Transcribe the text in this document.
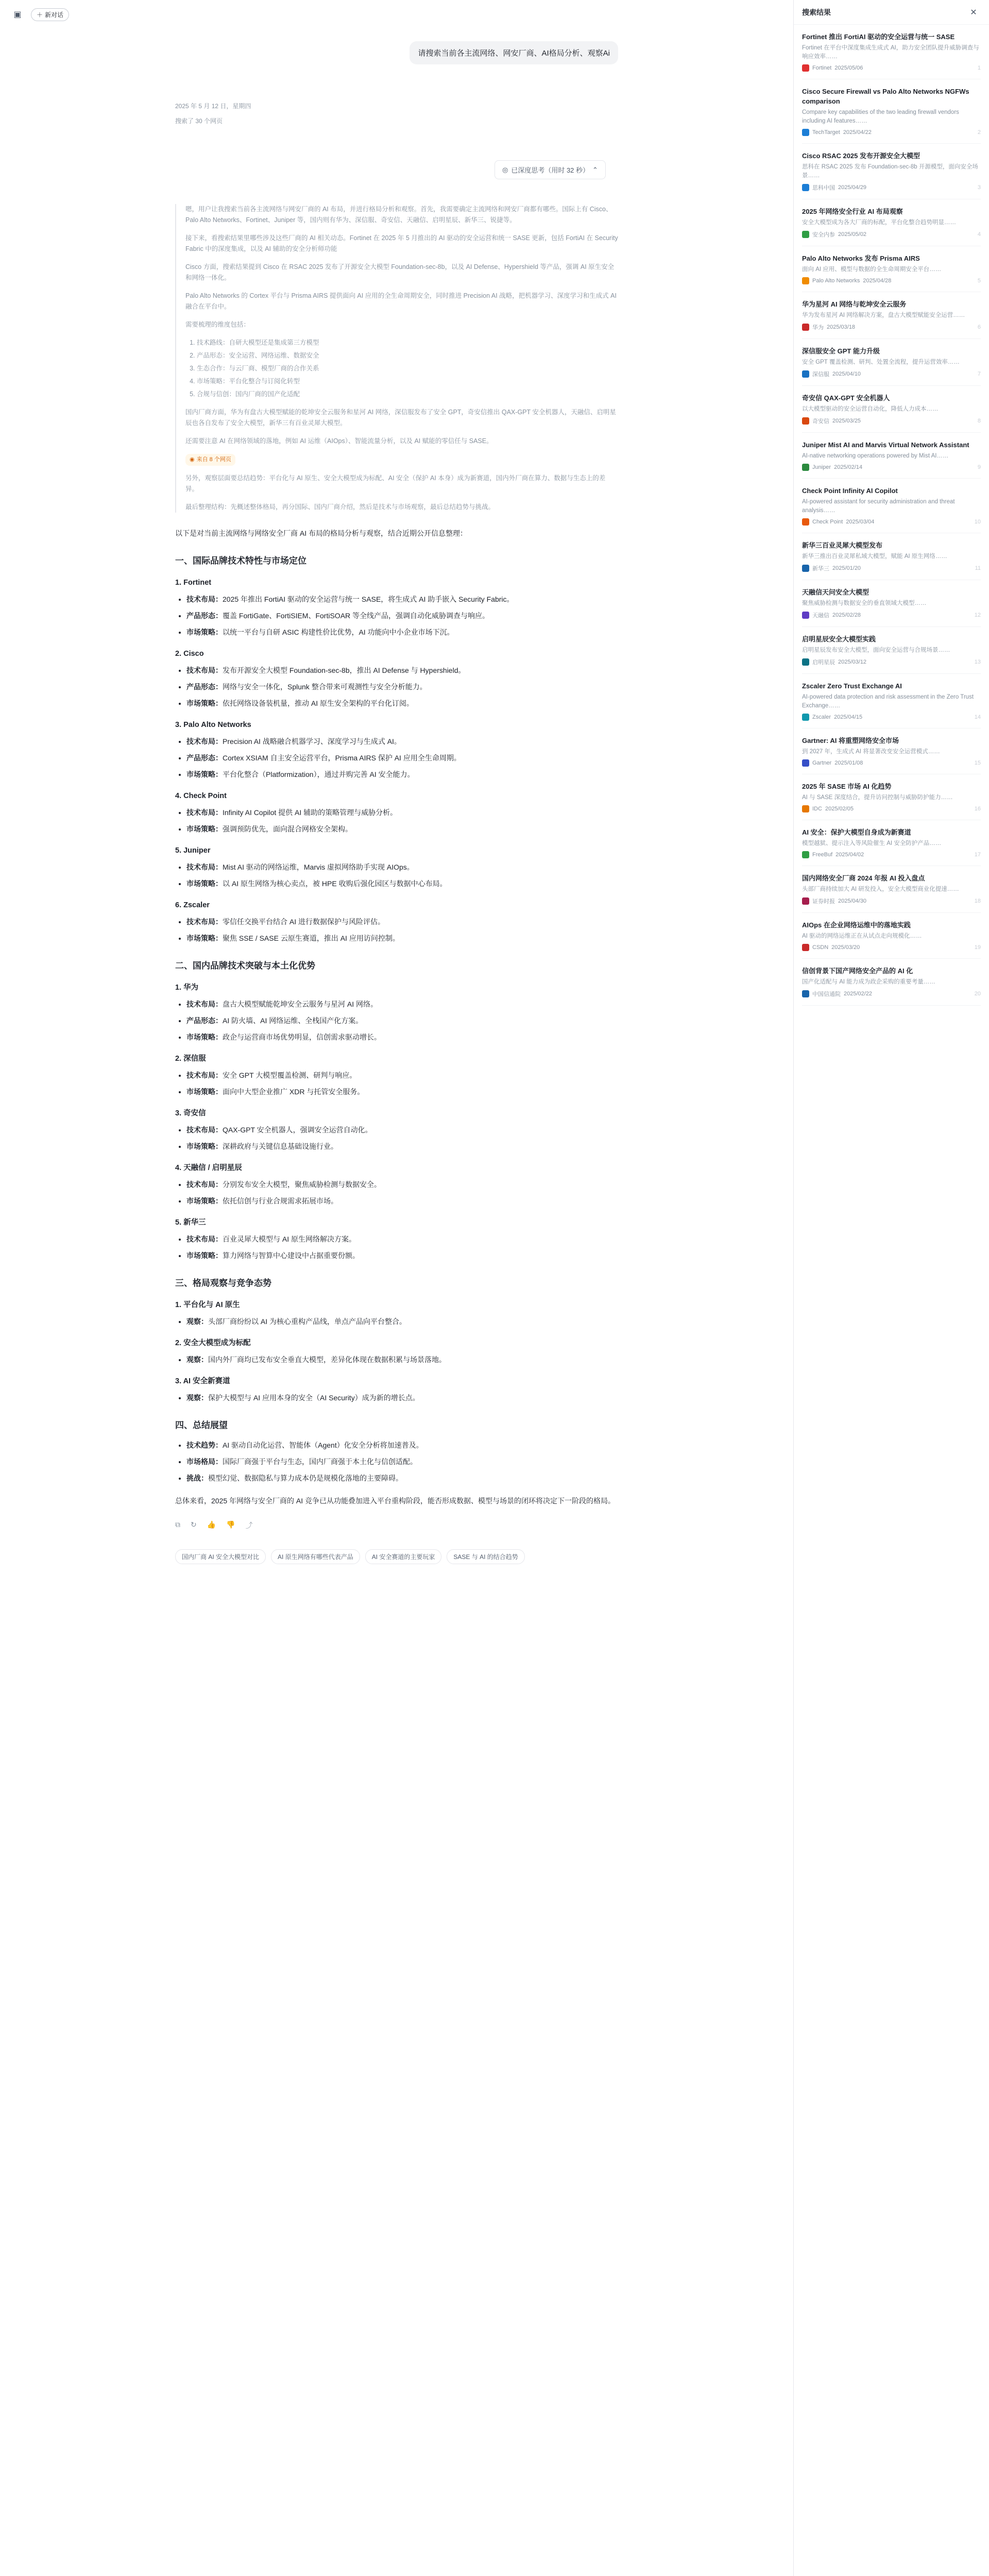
▣	＋ 新对话
请搜索当前各主流网络、网安厂商、AI格局分析、观察Ai
2025 年 5 月 12 日，星期四
搜索了 30 个网页
◎ 已深度思考（用时 32 秒） ⌃

嗯，用户让我搜索当前各主流网络与网安厂商的 AI 布局，并进行格局分析和观察。首先，我需要确定主流网络和网安厂商都有哪些。国际上有 Cisco、Palo Alto Networks、Fortinet、Juniper 等，国内则有华为、深信服、奇安信、天融信、启明星辰、新华三、锐捷等。

接下来，看搜索结果里哪些涉及这些厂商的 AI 相关动态。Fortinet 在 2025 年 5 月推出的 AI 驱动的安全运营和统一 SASE 更新，包括 FortiAI 在 Security Fabric 中的深度集成，以及 AI 辅助的安全分析师功能

Cisco 方面，搜索结果提到 Cisco 在 RSAC 2025 发布了开源安全大模型 Foundation-sec-8b，以及 AI Defense、Hypershield 等产品，强调 AI 原生安全和网络一体化。

Palo Alto Networks 的 Cortex 平台与 Prisma AIRS 提供面向 AI 应用的全生命周期安全，同时推进 Precision AI 战略，把机器学习、深度学习和生成式 AI 融合在平台中。

需要梳理的维度包括：

1. 技术路线：自研大模型还是集成第三方模型
2. 产品形态：安全运营、网络运维、数据安全
3. 生态合作：与云厂商、模型厂商的合作关系
4. 市场策略：平台化整合与订阅化转型
5. 合规与信创：国内厂商的国产化适配

国内厂商方面，华为有盘古大模型赋能的乾坤安全云服务和星河 AI 网络，深信服发布了安全 GPT，奇安信推出 QAX-GPT 安全机器人，天融信、启明星辰也各自发布了安全大模型，新华三有百业灵犀大模型。

还需要注意 AI 在网络领域的落地，例如 AI 运维（AIOps）、智能流量分析，以及 AI 赋能的零信任与 SASE。

◉ 来自 8 个网页

另外，观察层面要总结趋势：平台化与 AI 原生、安全大模型成为标配、AI 安全（保护 AI 本身）成为新赛道，国内外厂商在算力、数据与生态上的差异。

最后整理结构：先概述整体格局，再分国际、国内厂商介绍，然后是技术与市场观察，最后总结趋势与挑战。

以下是对当前主流网络与网络安全厂商 AI 布局的格局分析与观察，结合近期公开信息整理：

一、国际品牌技术特性与市场定位
1. Fortinet
• 技术布局：2025 年推出 FortiAI 驱动的安全运营与统一 SASE，将生成式 AI 助手嵌入 Security Fabric。
• 产品形态：覆盖 FortiGate、FortiSIEM、FortiSOAR 等全线产品，强调自动化威胁调查与响应。
• 市场策略：以统一平台与自研 ASIC 构建性价比优势，AI 功能向中小企业市场下沉。
2. Cisco
• 技术布局：发布开源安全大模型 Foundation-sec-8b，推出 AI Defense 与 Hypershield。
• 产品形态：网络与安全一体化，Splunk 整合带来可观测性与安全分析能力。
• 市场策略：依托网络设备装机量，推动 AI 原生安全架构的平台化订阅。
3. Palo Alto Networks
• 技术布局：Precision AI 战略融合机器学习、深度学习与生成式 AI。
• 产品形态：Cortex XSIAM 自主安全运营平台，Prisma AIRS 保护 AI 应用全生命周期。
• 市场策略：平台化整合（Platformization），通过并购完善 AI 安全能力。
4. Check Point
• 技术布局：Infinity AI Copilot 提供 AI 辅助的策略管理与威胁分析。
• 市场策略：强调预防优先，面向混合网格安全架构。
5. Juniper
• 技术布局：Mist AI 驱动的网络运维，Marvis 虚拟网络助手实现 AIOps。
• 市场策略：以 AI 原生网络为核心卖点，被 HPE 收购后强化园区与数据中心布局。
6. Zscaler
• 技术布局：零信任交换平台结合 AI 进行数据保护与风险评估。
• 市场策略：聚焦 SSE / SASE 云原生赛道，推出 AI 应用访问控制。
二、国内品牌技术突破与本土化优势
1. 华为
• 技术布局：盘古大模型赋能乾坤安全云服务与星河 AI 网络。
• 产品形态：AI 防火墙、AI 网络运维、全栈国产化方案。
• 市场策略：政企与运营商市场优势明显，信创需求驱动增长。
2. 深信服
• 技术布局：安全 GPT 大模型覆盖检测、研判与响应。
• 市场策略：面向中大型企业推广 XDR 与托管安全服务。
3. 奇安信
• 技术布局：QAX-GPT 安全机器人，强调安全运营自动化。
• 市场策略：深耕政府与关键信息基础设施行业。
4. 天融信 / 启明星辰
• 技术布局：分别发布安全大模型，聚焦威胁检测与数据安全。
• 市场策略：依托信创与行业合规需求拓展市场。
5. 新华三
• 技术布局：百业灵犀大模型与 AI 原生网络解决方案。
• 市场策略：算力网络与智算中心建设中占据重要份额。
三、格局观察与竞争态势
1. 平台化与 AI 原生
• 观察：头部厂商纷纷以 AI 为核心重构产品线，单点产品向平台整合。
2. 安全大模型成为标配
• 观察：国内外厂商均已发布安全垂直大模型，差异化体现在数据积累与场景落地。
3. AI 安全新赛道
• 观察：保护大模型与 AI 应用本身的安全（AI Security）成为新的增长点。
四、总结展望
• 技术趋势：AI 驱动自动化运营、智能体（Agent）化安全分析将加速普及。
• 市场格局：国际厂商强于平台与生态，国内厂商强于本土化与信创适配。
• 挑战：模型幻觉、数据隐私与算力成本仍是规模化落地的主要障碍。

总体来看，2025 年网络与安全厂商的 AI 竞争已从功能叠加进入平台重构阶段，能否形成数据、模型与场景的闭环将决定下一阶段的格局。

⧉ ↻ 👍 👎 ⤴
国内厂商 AI 安全大模型对比	AI 原生网络有哪些代表产品	AI 安全赛道的主要玩家	SASE 与 AI 的结合趋势
搜索结果	✕
Fortinet 推出 FortiAI 驱动的安全运营与统一 SASE
Fortinet 在平台中深度集成生成式 AI，助力安全团队提升威胁调查与响应效率……
Fortinet 2025/05/06	1
Cisco Secure Firewall vs Palo Alto Networks NGFWs comparison
Compare key capabilities of the two leading firewall vendors including AI features……
TechTarget 2025/04/22	2
Cisco RSAC 2025 发布开源安全大模型
思科在 RSAC 2025 发布 Foundation-sec-8b 开源模型，面向安全场景……
思科中国 2025/04/29	3
2025 年网络安全行业 AI 布局观察
安全大模型成为各大厂商的标配，平台化整合趋势明显……
安全内参 2025/05/02	4
Palo Alto Networks 发布 Prisma AIRS
面向 AI 应用、模型与数据的全生命周期安全平台……
Palo Alto Networks 2025/04/28	5
华为星河 AI 网络与乾坤安全云服务
华为发布星河 AI 网络解决方案，盘古大模型赋能安全运营……
华为 2025/03/18	6
深信服安全 GPT 能力升级
安全 GPT 覆盖检测、研判、处置全流程，提升运营效率……
深信服 2025/04/10	7
奇安信 QAX-GPT 安全机器人
以大模型驱动的安全运营自动化，降低人力成本……
奇安信 2025/03/25	8
Juniper Mist AI and Marvis Virtual Network Assistant
AI-native networking operations powered by Mist AI……
Juniper 2025/02/14	9
Check Point Infinity AI Copilot
AI-powered assistant for security administration and threat analysis……
Check Point 2025/03/04	10
新华三百业灵犀大模型发布
新华三推出百业灵犀私域大模型，赋能 AI 原生网络……
新华三 2025/01/20	11
天融信天问安全大模型
聚焦威胁检测与数据安全的垂直领域大模型……
天融信 2025/02/28	12
启明星辰安全大模型实践
启明星辰发布安全大模型，面向安全运营与合规场景……
启明星辰 2025/03/12	13
Zscaler Zero Trust Exchange AI
AI-powered data protection and risk assessment in the Zero Trust Exchange……
Zscaler 2025/04/15	14
Gartner: AI 将重塑网络安全市场
到 2027 年，生成式 AI 将显著改变安全运营模式……
Gartner 2025/01/08	15
2025 年 SASE 市场 AI 化趋势
AI 与 SASE 深度结合，提升访问控制与威胁防护能力……
IDC 2025/02/05	16
AI 安全：保护大模型自身成为新赛道
模型越狱、提示注入等风险催生 AI 安全防护产品……
FreeBuf 2025/04/02	17
国内网络安全厂商 2024 年报 AI 投入盘点
头部厂商持续加大 AI 研发投入，安全大模型商业化提速……
证券时报 2025/04/30	18
AIOps 在企业网络运维中的落地实践
AI 驱动的网络运维正在从试点走向规模化……
CSDN 2025/03/20	19
信创背景下国产网络安全产品的 AI 化
国产化适配与 AI 能力成为政企采购的重要考量……
中国信通院 2025/02/22	20
